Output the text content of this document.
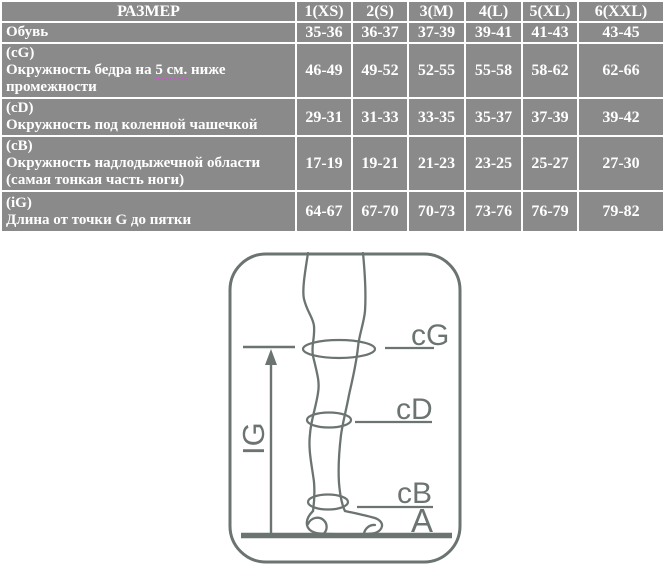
РАЗМЕР	1(XS)	2(S)	3(M)	4(L)	5(XL)	6(XXL)

Обувь	35-36	36-37	37-39	39-41	41-43	43-45

(cG)
Окружность бедра на 5 см. ниже
промежности	46-49	49-52	52-55	55-58	58-62	62-66

(cD)
Окружность под коленной чашечкой	29-31	31-33	33-35	35-37	37-39	39-42

(cB)
Окружность надлодыжечной области
(самая тонкая часть ноги)	17-19	19-21	21-23	23-25	25-27	27-30

(iG)
Длина от точки G до пятки	64-67	67-70	70-73	73-76	76-79	79-82
cG
cD
cB
A
IG
